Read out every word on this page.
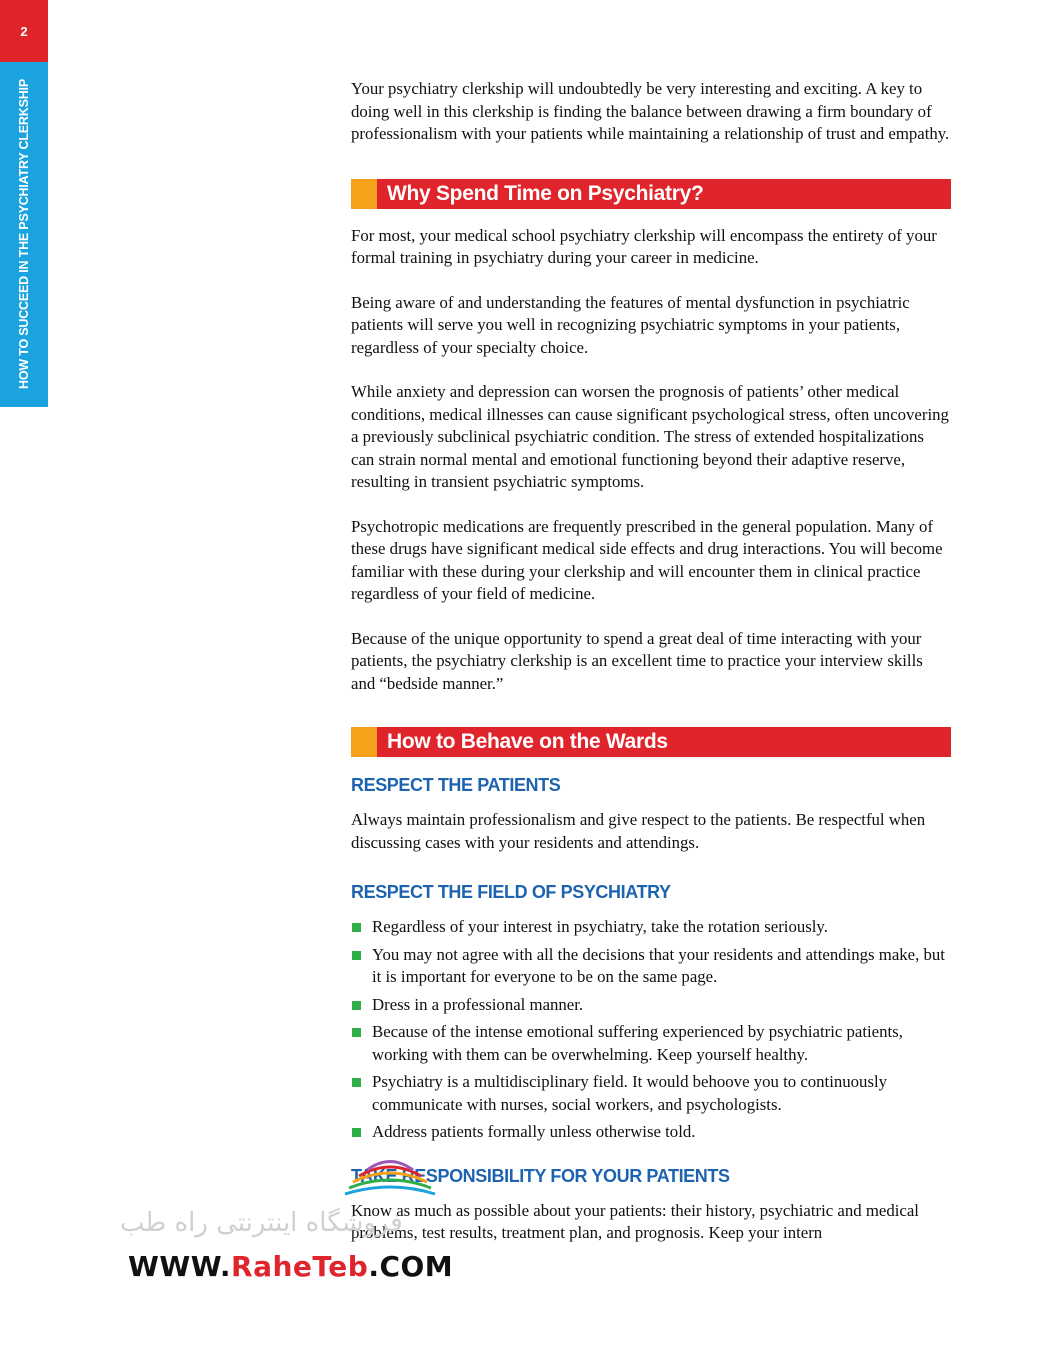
2
HOW TO SUCCEED IN THE PSYCHIATRY CLERKSHIP	Your psychiatry clerkship will undoubtedly be very interesting and exciting. A key to doing well in this clerkship is finding the balance between drawing a firm boundary of professionalism with your patients while maintaining a relationship of trust and empathy.

Why Spend Time on Psychiatry?

For most, your medical school psychiatry clerkship will encompass the entirety of your formal training in psychiatry during your career in medicine.

Being aware of and understanding the features of mental dysfunction in psychiatric patients will serve you well in recognizing psychiatric symptoms in your patients, regardless of your specialty choice.

While anxiety and depression can worsen the prognosis of patients’ other medical conditions, medical illnesses can cause significant psychological stress, often uncovering a previously subclinical psychiatric condition. The stress of extended hospitalizations can strain normal mental and emotional functioning beyond their adaptive reserve, resulting in transient psychiatric symptoms.

Psychotropic medications are frequently prescribed in the general population. Many of these drugs have significant medical side effects and drug interactions. You will become familiar with these during your clerkship and will encounter them in clinical practice regardless of your field of medicine.

Because of the unique opportunity to spend a great deal of time interacting with your patients, the psychiatry clerkship is an excellent time to practice your interview skills and “bedside manner.”

How to Behave on the Wards
RESPECT THE PATIENTS

Always maintain professionalism and give respect to the patients. Be respectful when discussing cases with your residents and attendings.

RESPECT THE FIELD OF PSYCHIATRY
Regardless of your interest in psychiatry, take the rotation seriously.
You may not agree with all the decisions that your residents and attendings make, but it is important for everyone to be on the same page.
Dress in a professional manner.
Because of the intense emotional suffering experienced by psychiatric patients, working with them can be overwhelming. Keep yourself healthy.
Psychiatry is a multidisciplinary field. It would behoove you to continuously communicate with nurses, social workers, and psychologists.
Address patients formally unless otherwise told.
TAKE RESPONSIBILITY FOR YOUR PATIENTS

Know as much as possible about your patients: their history, psychiatric and medical problems, test results, treatment plan, and prognosis. Keep your intern

فروشگاه اینترنتی راه طب
WWW.RaheTeb.COM
